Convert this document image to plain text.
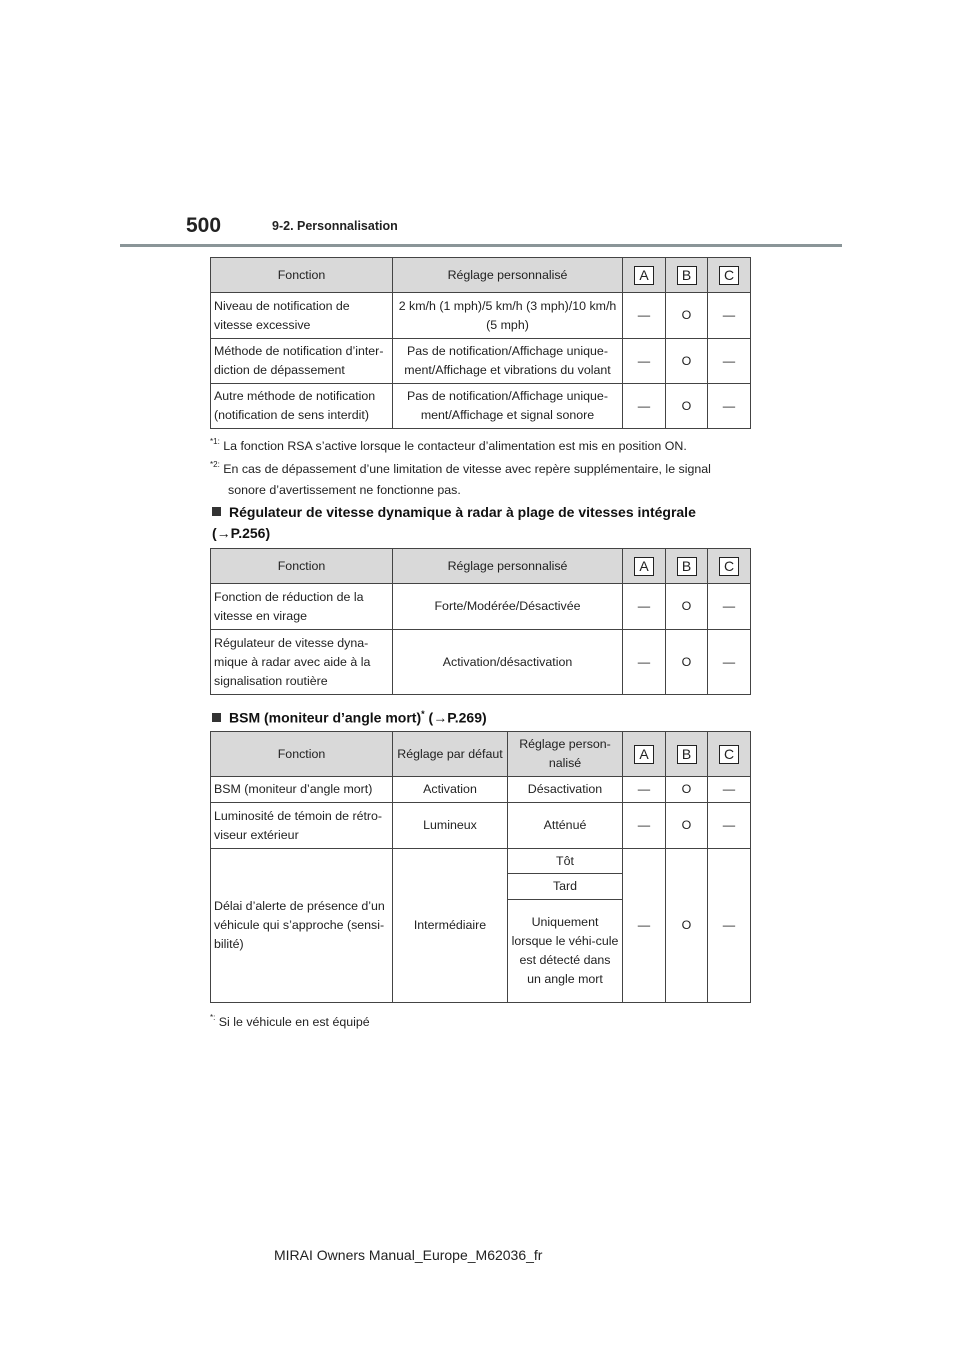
500	9-2. Personnalisation
Fonction	Réglage personnalisé	A	B	C
Niveau de notification de vitesse excessive	2 km/h (1 mph)/5 km/h (3 mph)/10 km/h (5 mph)	—	O	—
Méthode de notification d’inter-diction de dépassement	Pas de notification/Affichage unique-ment/Affichage et vibrations du volant	—	O	—
Autre méthode de notification (notification de sens interdit)	Pas de notification/Affichage unique-ment/Affichage et signal sonore	—	O	—
$^{*1:}$ La fonction RSA s’active lorsque le contacteur d’alimentation est mis en position ON.
$^{*2:}$ En cas de dépassement d’une limitation de vitesse avec repère supplémentaire, le signal sonore d’avertissement ne fonctionne pas.
Régulateur de vitesse dynamique à radar à plage de vitesses intégrale
(→P.256)
Fonction	Réglage personnalisé	A	B	C
Fonction de réduction de la vitesse en virage	Forte/Modérée/Désactivée	—	O	—
Régulateur de vitesse dyna-mique à radar avec aide à la signalisation routière	Activation/désactivation	—	O	—
BSM (moniteur d’angle mort)* (→P.269)
Fonction	Réglage par défaut	Réglage person-nalisé	A	B	C
BSM (moniteur d’angle mort)	Activation	Désactivation	—	O	—
Luminosité de témoin de rétro-viseur extérieur	Lumineux	Atténué	—	O	—
Délai d’alerte de présence d’un véhicule qui s’approche (sensi-bilité)	Intermédiaire	Tôt	—	O	—
		Tard			
		Uniquement lorsque le véhi-cule est détecté dans un angle mort			
*: Si le véhicule en est équipé
MIRAI Owners Manual_Europe_M62036_fr
